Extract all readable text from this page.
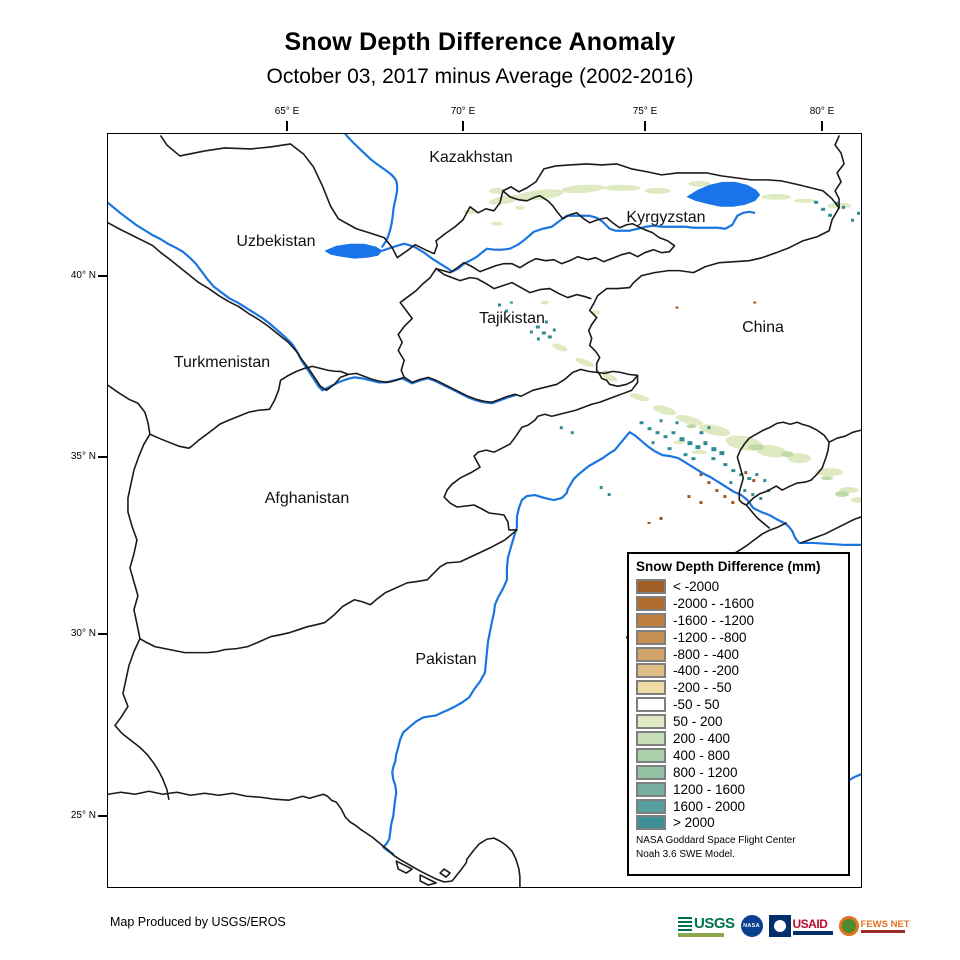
Snow Depth Difference Anomaly
October 03, 2017 minus Average (2002-2016)
65° E	70° E	75° E	80° E
40° N
35° N
30° N
25° N
Kazakhstan
Kyrgyzstan
Uzbekistan
Tajikistan
China
Turkmenistan
Afghanistan
Pakistan
Snow Depth Difference (mm)
< -2000
-2000 - -1600
-1600 - -1200
-1200 - -800
-800 - -400
-400 - -200
-200 - -50
-50 - 50
50 - 200
200 - 400
400 - 800
800 - 1200
1200 - 1600
1600 - 2000
> 2000
NASA Goddard Space Flight Center
Noah 3.6 SWE Model.
Map Produced by USGS/EROS	USGS	NASA	USAID	FEWS NET
